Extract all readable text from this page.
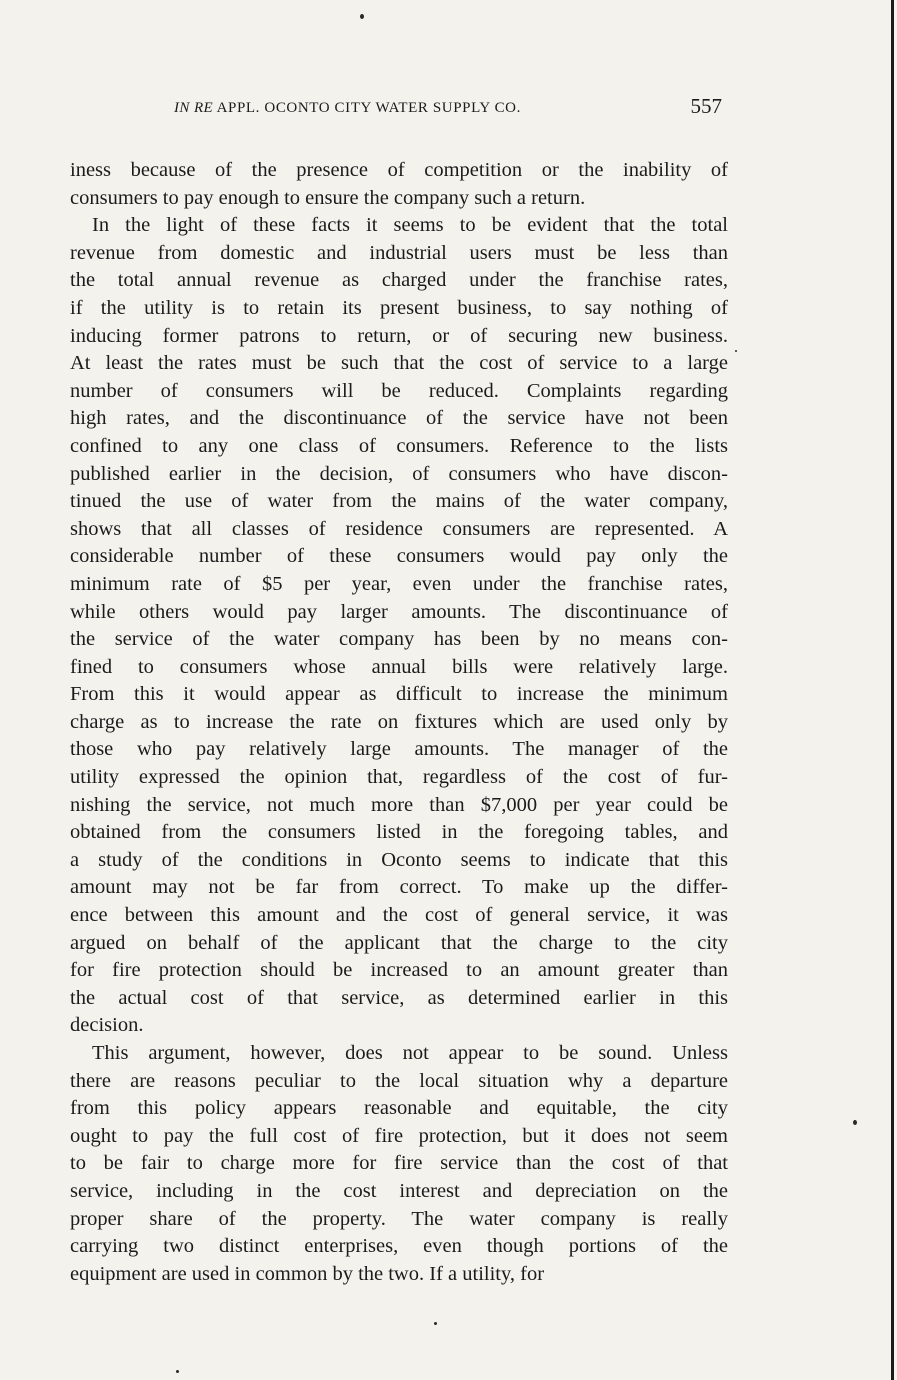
IN RE APPL. OCONTO CITY WATER SUPPLY CO.	557
iness because of the presence of competition or the inability of
consumers to pay enough to ensure the company such a return.
In the light of these facts it seems to be evident that the total
revenue from domestic and industrial users must be less than
the total annual revenue as charged under the franchise rates,
if the utility is to retain its present business, to say nothing of
inducing former patrons to return, or of securing new business.
At least the rates must be such that the cost of service to a large
number of consumers will be reduced. Complaints regarding
high rates, and the discontinuance of the service have not been
confined to any one class of consumers. Reference to the lists
published earlier in the decision, of consumers who have discon-
tinued the use of water from the mains of the water company,
shows that all classes of residence consumers are represented. A
considerable number of these consumers would pay only the
minimum rate of $5 per year, even under the franchise rates,
while others would pay larger amounts. The discontinuance of
the service of the water company has been by no means con-
fined to consumers whose annual bills were relatively large.
From this it would appear as difficult to increase the minimum
charge as to increase the rate on fixtures which are used only by
those who pay relatively large amounts. The manager of the
utility expressed the opinion that, regardless of the cost of fur-
nishing the service, not much more than $7,000 per year could be
obtained from the consumers listed in the foregoing tables, and
a study of the conditions in Oconto seems to indicate that this
amount may not be far from correct. To make up the differ-
ence between this amount and the cost of general service, it was
argued on behalf of the applicant that the charge to the city
for fire protection should be increased to an amount greater than
the actual cost of that service, as determined earlier in this
decision.
This argument, however, does not appear to be sound. Unless
there are reasons peculiar to the local situation why a departure
from this policy appears reasonable and equitable, the city
ought to pay the full cost of fire protection, but it does not seem
to be fair to charge more for fire service than the cost of that
service, including in the cost interest and depreciation on the
proper share of the property. The water company is really
carrying two distinct enterprises, even though portions of the
equipment are used in common by the two. If a utility, for
